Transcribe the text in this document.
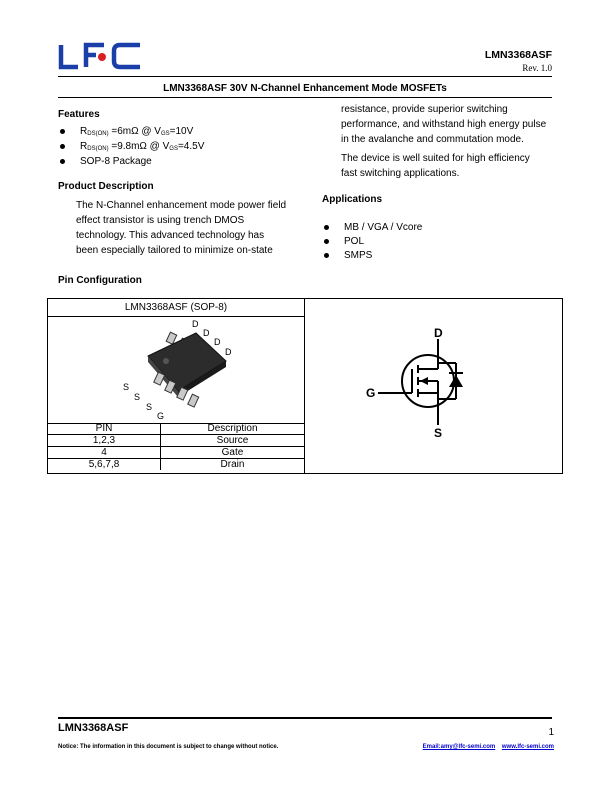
LMN3368ASF
Rev. 1.0
LMN3368ASF 30V N-Channel Enhancement Mode MOSFETs
Features
RDS(ON) =6mΩ @ VGS=10V
RDS(ON) =9.8mΩ @ VGS=4.5V
SOP-8 Package
Product Description
The N-Channel enhancement mode power field
effect transistor is using trench DMOS
technology. This advanced technology has
been especially tailored to minimize on-state
resistance, provide superior switching
performance, and withstand high energy pulse
in the avalanche and commutation mode.
The device is well suited for high efficiency
fast switching applications.
Applications
MB / VGA / Vcore
POL
SMPS
Pin Configuration
LMN3368ASF (SOP-8)
D
D
D
D
S
S
S
G
PIN	Description
1,2,3	Source
4	Gate
5,6,7,8	Drain
D
G
S
LMN3368ASF	1
Notice: The information in this document is subject to change without notice.	Email:amy@lfc-semi.com www.lfc-semi.com
